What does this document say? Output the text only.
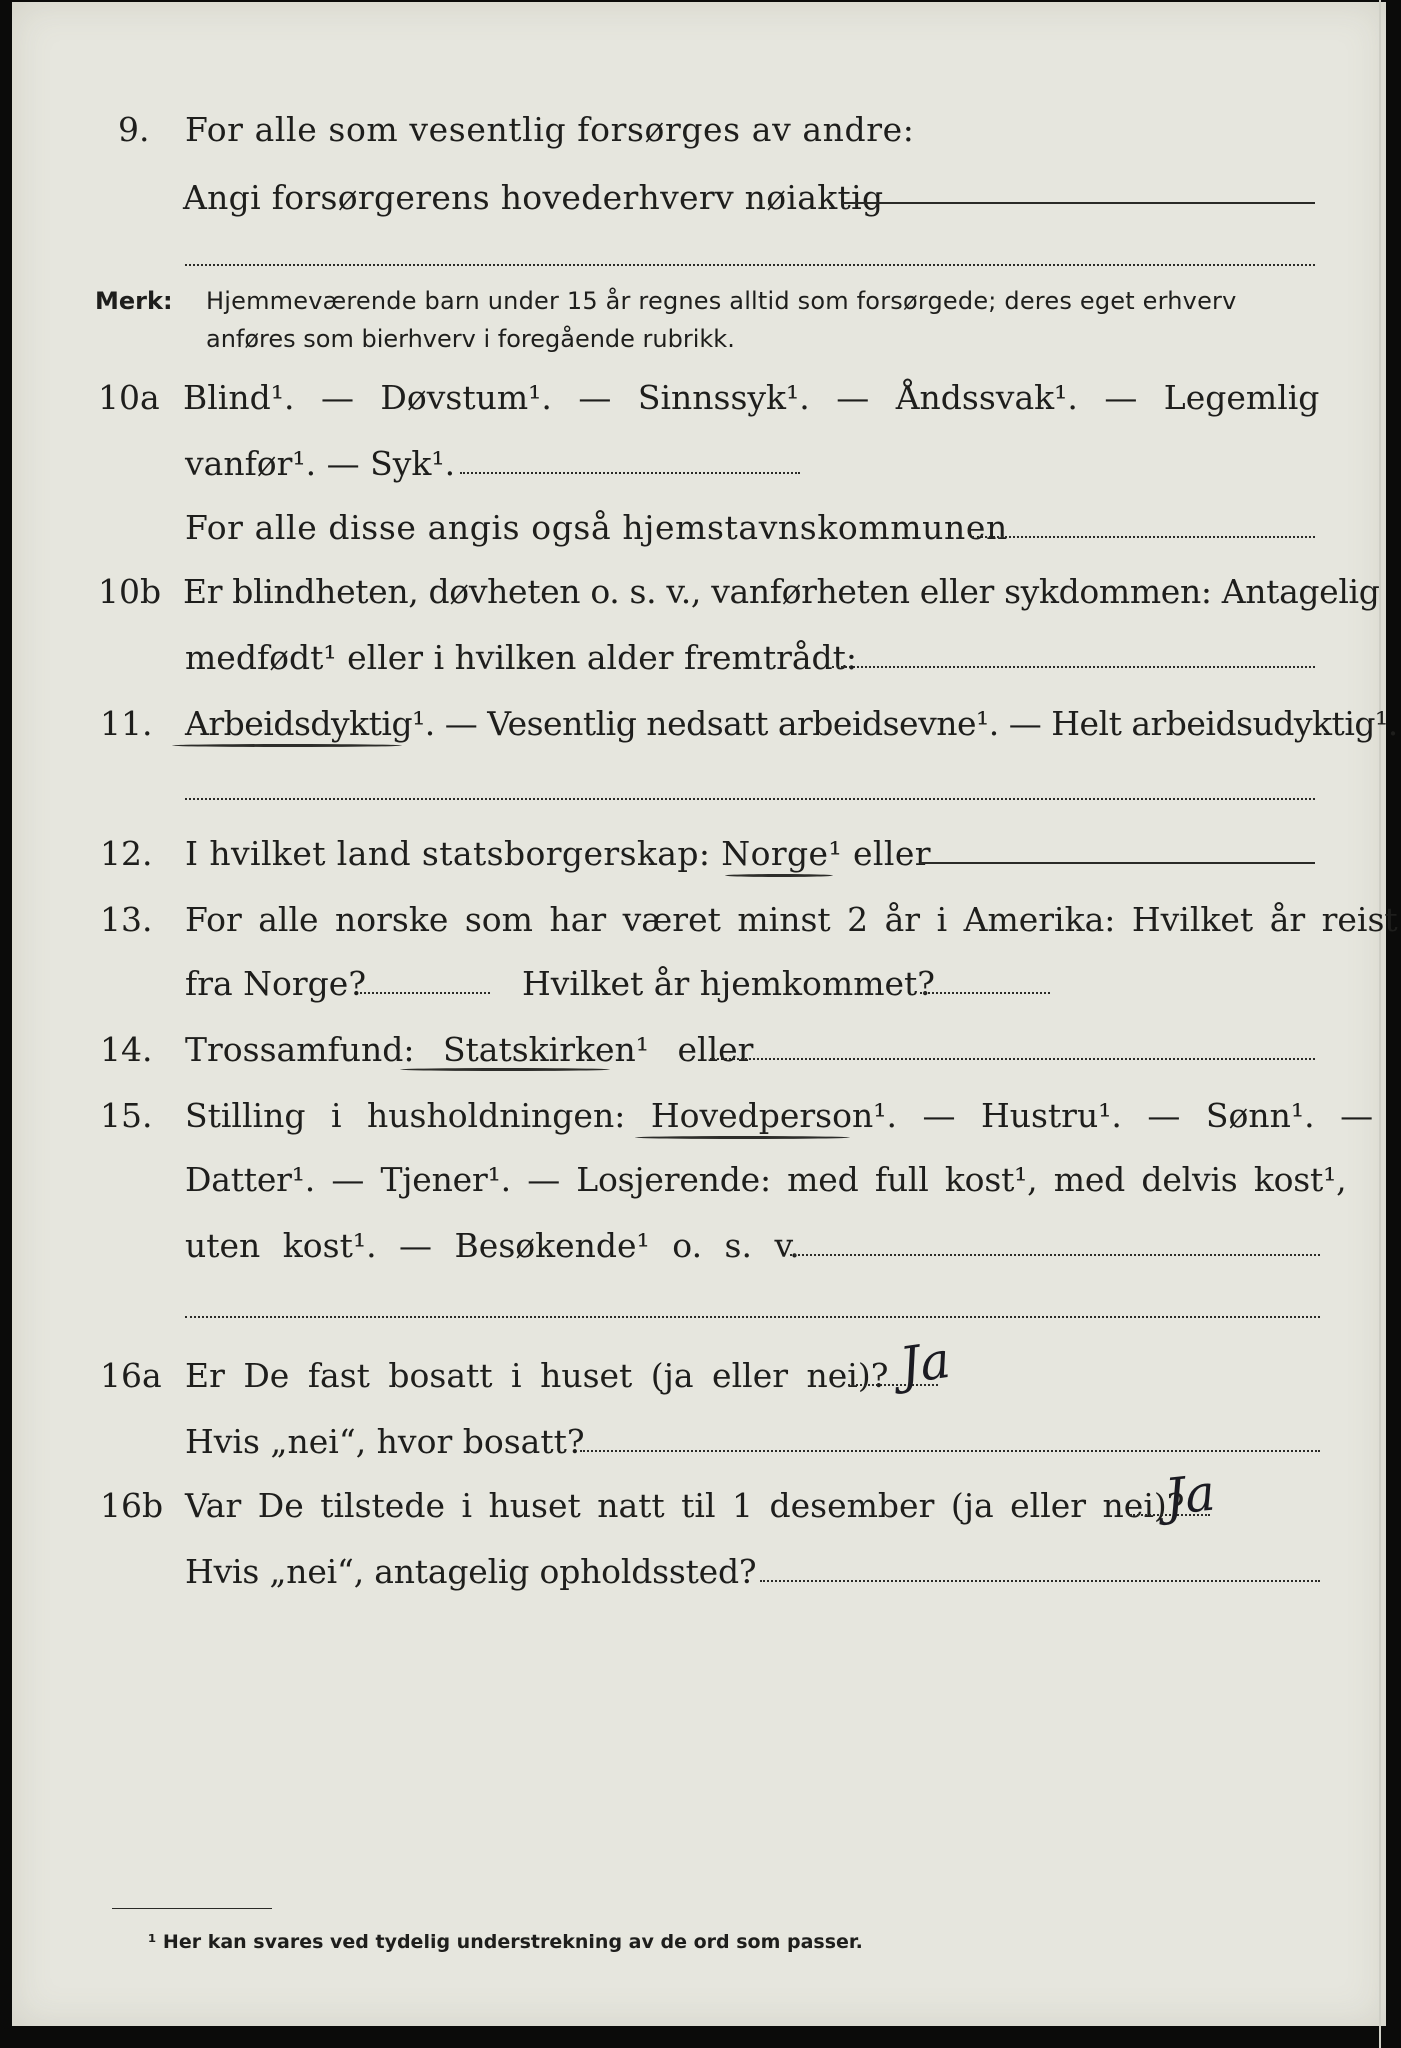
9. For alle som vesentlig forsørges av andre:
Angi forsørgerens hovederhverv nøiaktig
Merk: Hjemmeværende barn under 15 år regnes alltid som forsørgede; deres eget erhverv
anføres som bierhverv i foregående rubrikk.
10a Blind¹. — Døvstum¹. — Sinnssyk¹. — Åndssvak¹. — Legemlig
vanfør¹. — Syk¹.
For alle disse angis også hjemstavnskommunen
10b Er blindheten, døvheten o. s. v., vanførheten eller sykdommen: Antagelig
medfødt¹ eller i hvilken alder fremtrådt:
11. Arbeidsdyktig¹. — Vesentlig nedsatt arbeidsevne¹. — Helt arbeidsudyktig¹.
12. I hvilket land statsborgerskap: Norge¹ eller
13. For alle norske som har været minst 2 år i Amerika: Hvilket år reist
fra Norge?	Hvilket år hjemkommet?
14. Trossamfund: Statskirken¹ eller
15. Stilling i husholdningen: Hovedperson¹. — Hustru¹. — Sønn¹. —
Datter¹. — Tjener¹. — Losjerende: med full kost¹, med delvis kost¹,
uten kost¹. — Besøkende¹ o. s. v.
16a Er De fast bosatt i huset (ja eller nei)? Ja
Hvis „nei“, hvor bosatt?
16b Var De tilstede i huset natt til 1 desember (ja eller nei)?
Ja
Hvis „nei“, antagelig opholdssted?
¹ Her kan svares ved tydelig understrekning av de ord som passer.
